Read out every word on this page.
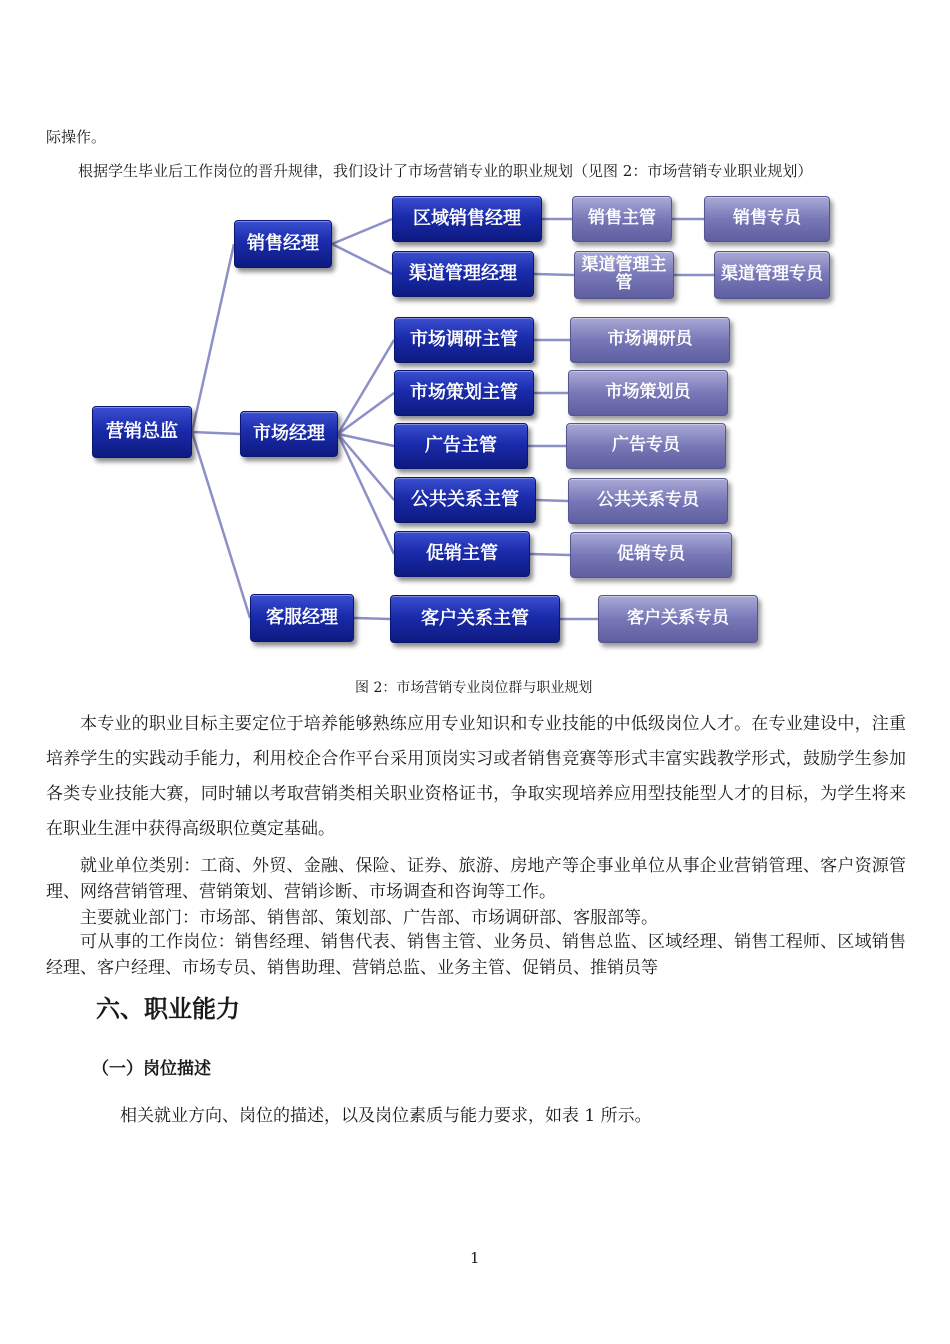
际操作。
根据学生毕业后工作岗位的晋升规律，我们设计了市场营销专业的职业规划（见图 2：市场营销专业职业规划）
营销总监
销售经理
区域销售经理	销售主管	销售专员
渠道管理经理	渠道管理主管	渠道管理专员
市场经理
市场调研主管	市场调研员
市场策划主管	市场策划员
广告主管	广告专员
公共关系主管	公共关系专员
促销主管	促销专员
客服经理	客户关系主管	客户关系专员
图 2：市场营销专业岗位群与职业规划
本专业的职业目标主要定位于培养能够熟练应用专业知识和专业技能的中低级岗位人才。在专业建设中，注重培养学生的实践动手能力，利用校企合作平台采用顶岗实习或者销售竞赛等形式丰富实践教学形式，鼓励学生参加各类专业技能大赛，同时辅以考取营销类相关职业资格证书，争取实现培养应用型技能型人才的目标，为学生将来在职业生涯中获得高级职位奠定基础。
就业单位类别：工商、外贸、金融、保险、证券、旅游、房地产等企事业单位从事企业营销管理、客户资源管理、网络营销管理、营销策划、营销诊断、市场调查和咨询等工作。
主要就业部门：市场部、销售部、策划部、广告部、市场调研部、客服部等。
可从事的工作岗位：销售经理、销售代表、销售主管、业务员、销售总监、区域经理、销售工程师、区域销售经理、客户经理、市场专员、销售助理、营销总监、业务主管、促销员、推销员等
六、职业能力
（一）岗位描述
相关就业方向、岗位的描述，以及岗位素质与能力要求，如表 1 所示。
1
